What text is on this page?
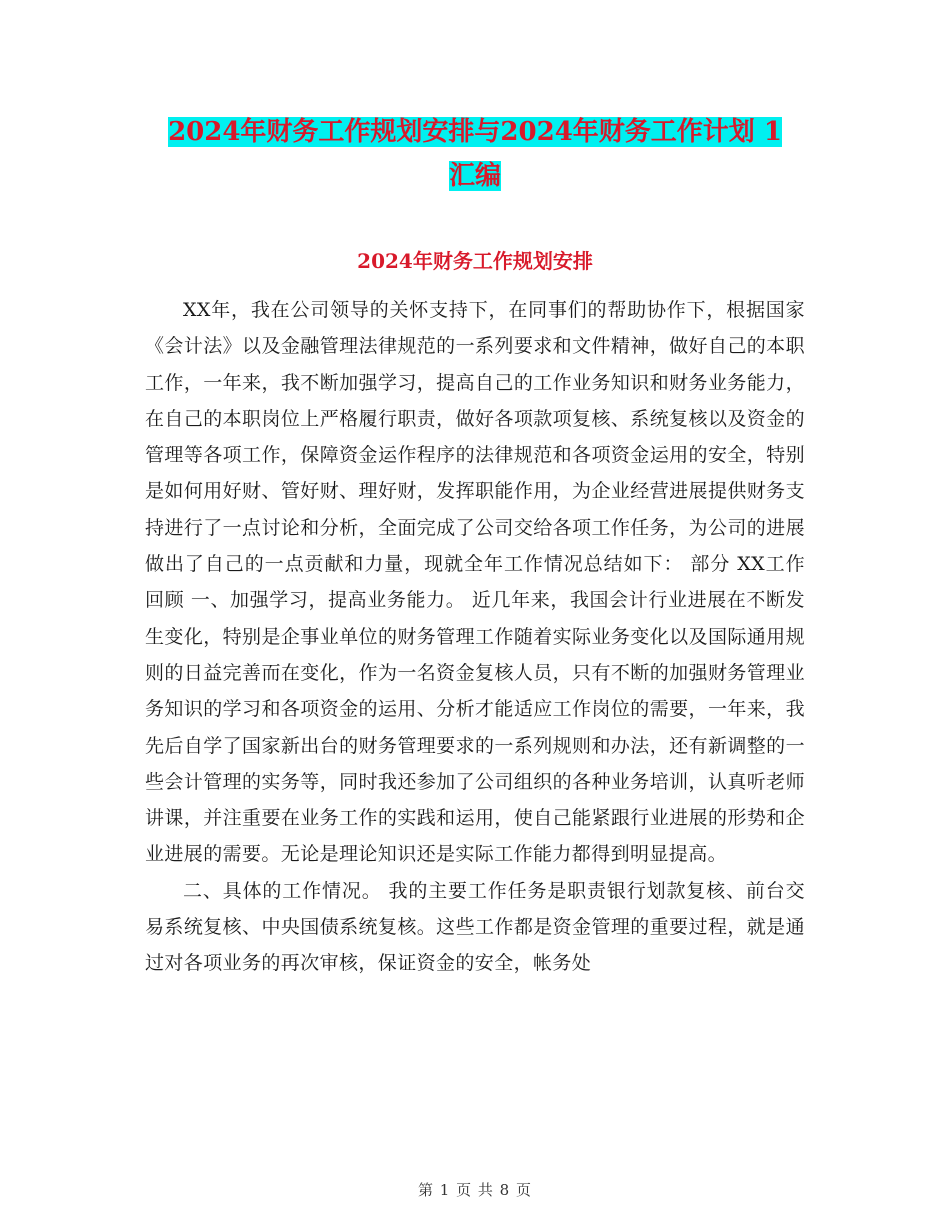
2024年财务工作规划安排与2024年财务工作计划 1
汇编
2024年财务工作规划安排

XX年，我在公司领导的关怀支持下，在同事们的帮助协作下，根据国家《会计法》以及金融管理法律规范的一系列要求和文件精神，做好自己的本职工作，一年来，我不断加强学习，提高自己的工作业务知识和财务业务能力，在自己的本职岗位上严格履行职责，做好各项款项复核、系统复核以及资金的管理等各项工作，保障资金运作程序的法律规范和各项资金运用的安全，特别是如何用好财、管好财、理好财，发挥职能作用，为企业经营进展提供财务支持进行了一点讨论和分析，全面完成了公司交给各项工作任务，为公司的进展做出了自己的一点贡献和力量，现就全年工作情况总结如下： 部分 XX工作回顾 一、加强学习，提高业务能力。 近几年来，我国会计行业进展在不断发生变化，特别是企事业单位的财务管理工作随着实际业务变化以及国际通用规则的日益完善而在变化，作为一名资金复核人员，只有不断的加强财务管理业务知识的学习和各项资金的运用、分析才能适应工作岗位的需要，一年来，我先后自学了国家新出台的财务管理要求的一系列规则和办法，还有新调整的一些会计管理的实务等，同时我还参加了公司组织的各种业务培训，认真听老师讲课，并注重要在业务工作的实践和运用，使自己能紧跟行业进展的形势和企业进展的需要。无论是理论知识还是实际工作能力都得到明显提高。

二、具体的工作情况。 我的主要工作任务是职责银行划款复核、前台交易系统复核、中央国债系统复核。这些工作都是资金管理的重要过程，就是通过对各项业务的再次审核，保证资金的安全，帐务处

第 1 页 共 8 页
